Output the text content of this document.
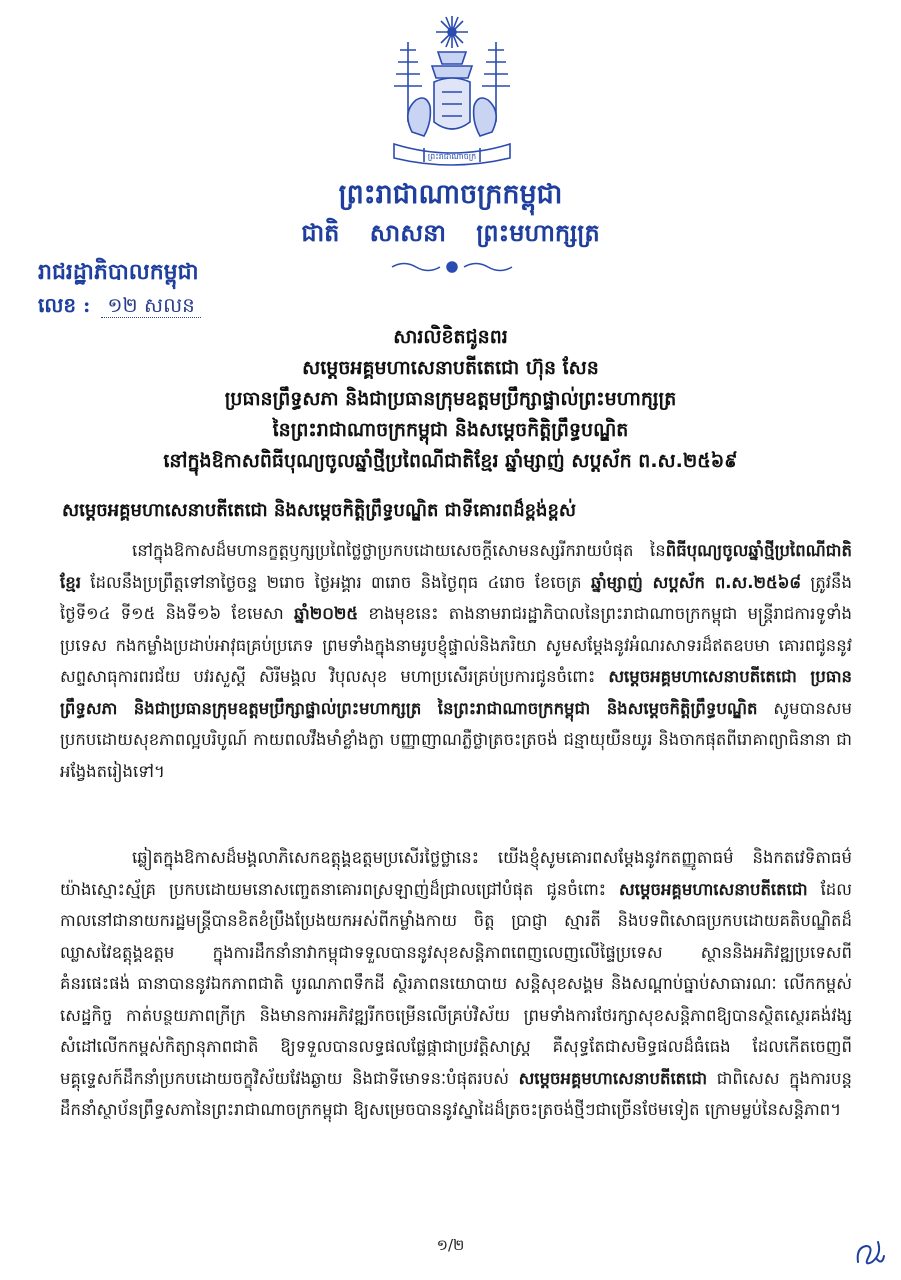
ព្រះរាជាណាចក្រ
ព្រះរាជាណាចក្រកម្ពុជា
ជាតិ សាសនា ព្រះមហាក្សត្រ
រាជរដ្ឋាភិបាលកម្ពុជា
លេខ : ១២ សលន
សារលិខិតជូនពរ
សម្ដេចអគ្គមហាសេនាបតីតេជោ ហ៊ុន សែន
ប្រធានព្រឹទ្ធសភា និងជាប្រធានក្រុមឧត្ដមប្រឹក្សាផ្ទាល់ព្រះមហាក្សត្រ
នៃព្រះរាជាណាចក្រកម្ពុជា និងសម្ដេចកិត្តិព្រឹទ្ធបណ្ឌិត
នៅក្នុងឱកាសពិធីបុណ្យចូលឆ្នាំថ្មីប្រពៃណីជាតិខ្មែរ ឆ្នាំម្សាញ់ សប្តស័ក ព.ស.២៥៦៩
សម្ដេចអគ្គមហាសេនាបតីតេជោ និងសម្ដេចកិត្តិព្រឹទ្ធបណ្ឌិត ជាទីគោរពដ៏ខ្ពង់ខ្ពស់
នៅក្នុងឱកាសដ៏មហានក្ខត្តឫក្សប្រពៃថ្លៃថ្លាប្រកបដោយសេចក្ដីសោមនស្សរីករាយបំផុត នៃពិធីបុណ្យចូលឆ្នាំថ្មីប្រពៃណីជាតិខ្មែរ ដែលនឹងប្រព្រឹត្តទៅនាថ្ងៃចន្ទ ២រោច ថ្ងៃអង្គារ ៣រោច និងថ្ងៃពុធ ៤រោច ខែចេត្រ ឆ្នាំម្សាញ់ សប្តស័ក ព.ស.២៥៦៨ ត្រូវនឹងថ្ងៃទី១៤ ទី១៥ និងទី១៦ ខែមេសា ឆ្នាំ២០២៥ ខាងមុខនេះ តាងនាមរាជរដ្ឋាភិបាលនៃព្រះរាជាណាចក្រកម្ពុជា មន្ត្រីរាជការទូទាំងប្រទេស កងកម្លាំងប្រដាប់អាវុធគ្រប់ប្រភេទ ព្រមទាំងក្នុងនាមរូបខ្ញុំផ្ទាល់និងភរិយា សូមសម្ដែងនូវអំណរសាទរដ៏ឥតឧបមា គោរពជូននូវសព្ទសាធុការពរជ័យ បវរសួស្តី សិរីមង្គល វិបុលសុខ មហាប្រសើរគ្រប់ប្រការជូនចំពោះ សម្ដេចអគ្គមហាសេនាបតីតេជោ ប្រធានព្រឹទ្ធសភា និងជាប្រធានក្រុមឧត្ដមប្រឹក្សាផ្ទាល់ព្រះមហាក្សត្រ នៃព្រះរាជាណាចក្រកម្ពុជា និងសម្ដេចកិត្តិព្រឹទ្ធបណ្ឌិត សូមបានសមប្រកបដោយសុខភាពល្អបរិបូណ៍ កាយពលវឹងមាំខ្លាំងក្លា បញ្ញាញាណភ្លឺថ្លាត្រចះត្រចង់ ជន្មាយុយឺនយូរ និងចាកផុតពីរោគាព្យាធិនានា ជាអង្វែងតរៀងទៅ។
ឆ្លៀតក្នុងឱកាសដ៏មង្គលាភិសេកឧត្តុង្គឧត្តមប្រសើរថ្លៃថ្លានេះ យើងខ្ញុំសូមគោរពសម្ដែងនូវកតញ្ញូតាធម៌ និងកតវេទិតាធម៌យ៉ាងស្មោះស្ម័គ្រ ប្រកបដោយមនោសញ្ចេតនាគោរពស្រឡាញ់ដ៏ជ្រាលជ្រៅបំផុត ជូនចំពោះ សម្ដេចអគ្គមហាសេនាបតីតេជោ ដែលកាលនៅជានាយករដ្ឋមន្ត្រីបានខិតខំប្រឹងប្រែងយកអស់ពីកម្លាំងកាយ ចិត្ត ប្រាជ្ញា ស្មារតី និងបទពិសោធប្រកបដោយគតិបណ្ឌិតដ៏ឈ្លាសវៃឧត្តុង្គឧត្តម ក្នុងការដឹកនាំនាវាកម្ពុជាទទួលបាននូវសុខសន្តិភាពពេញលេញលើផ្ទៃប្រទេស ស្ថាននិងអភិវឌ្ឍប្រទេសពីគំនរផេះផង់ ធានាបាននូវឯកភាពជាតិ បូរណភាពទឹកដី ស្ថិរភាពនយោបាយ សន្តិសុខសង្គម និងសណ្ដាប់ធ្នាប់សាធារណៈ លើកកម្ពស់សេដ្ឋកិច្ច កាត់បន្ថយភាពក្រីក្រ និងមានការអភិវឌ្ឍរីកចម្រើនលើគ្រប់វិស័យ ព្រមទាំងការថែរក្សាសុខសន្តិភាពឱ្យបានស្ថិតស្ថេរគង់វង្ស សំដៅលើកកម្ពស់កិត្យានុភាពជាតិ ឱ្យទទួលបានលទ្ធផលផ្លែផ្កាជាប្រវត្តិសាស្ត្រ គឺសុទ្ធតែជាសមិទ្ធផលដ៏ធំធេង ដែលកើតចេញពីមគ្គុទ្ទេសក៍ដឹកនាំប្រកបដោយចក្ខុវិស័យវែងឆ្ងាយ និងជាទីមោទនៈបំផុតរបស់ សម្ដេចអគ្គមហាសេនាបតីតេជោ ជាពិសេស ក្នុងការបន្តដឹកនាំស្ថាប័នព្រឹទ្ធសភានៃព្រះរាជាណាចក្រកម្ពុជា ឱ្យសម្រេចបាននូវស្នាដៃដ៏ត្រចះត្រចង់ថ្មីៗជាច្រើនថែមទៀត ក្រោមម្លប់នៃសន្តិភាព។
១/២
